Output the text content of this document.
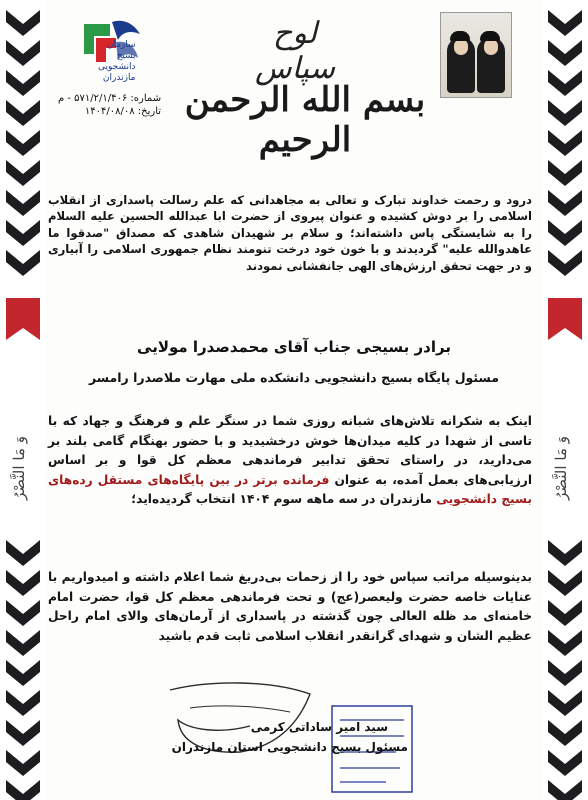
وَ مَا النَّصْرُ	وَ مَا النَّصْرُ
سازمان
بسیج
دانشجویی
مازندران
شماره: ۵۷۱/۲/۱/۴۰۶ - م
تاریخ: ۱۴۰۴/۰۸/۰۸
لوح سپاس
بسم الله الرحمن الرحیم
درود و رحمت خداوند تبارک و تعالی به مجاهدانی که علم رسالت پاسداری از انقلاب اسلامی را بر دوش کشیده و عنوان پیروی از حضرت ابا عبدالله الحسین علیه السلام را به شایستگی پاس داشته‌اند؛ و سلام بر شهیدان شاهدی که مصداق "صدقوا ما عاهدوالله علیه" گردیدند و با خون خود درخت تنومند نظام جمهوری اسلامی را آبیاری و در جهت تحقق ارزش‌های الهی جانفشانی نمودند
برادر بسیجی جناب آقای محمدصدرا مولایی
مسئول پایگاه بسیج دانشجویی دانشکده ملی مهارت ملاصدرا رامسر
اینک به شکرانه تلاش‌های شبانه روزی شما در سنگر علم و فرهنگ و جهاد که با تاسی از شهدا در کلیه میدان‌ها خوش درخشیدید و با حضور بهنگام گامی بلند بر می‌دارید، در راستای تحقق تدابیر فرماندهی معظم کل قوا و بر اساس ارزیابی‌های بعمل آمده، به عنوان فرمانده برتر در بین پایگاه‌های مستقل رده‌های بسیج دانشجویی مازندران در سه ماهه سوم ۱۴۰۴ انتخاب گردیده‌اید؛
بدینوسیله مراتب سپاس خود را از زحمات بی‌دریغ شما اعلام داشته و امیدواریم با عنایات خاصه حضرت ولیعصر(عج) و تحت فرماندهی معظم کل قوا، حضرت امام خامنه‌ای مد ظله العالی چون گذشته در پاسداری از آرمان‌های والای امام راحل عظیم الشان و شهدای گرانقدر انقلاب اسلامی ثابت قدم باشید
سید امیر ساداتی کرمی
مسئول بسیج دانشجویی استان مازندران
